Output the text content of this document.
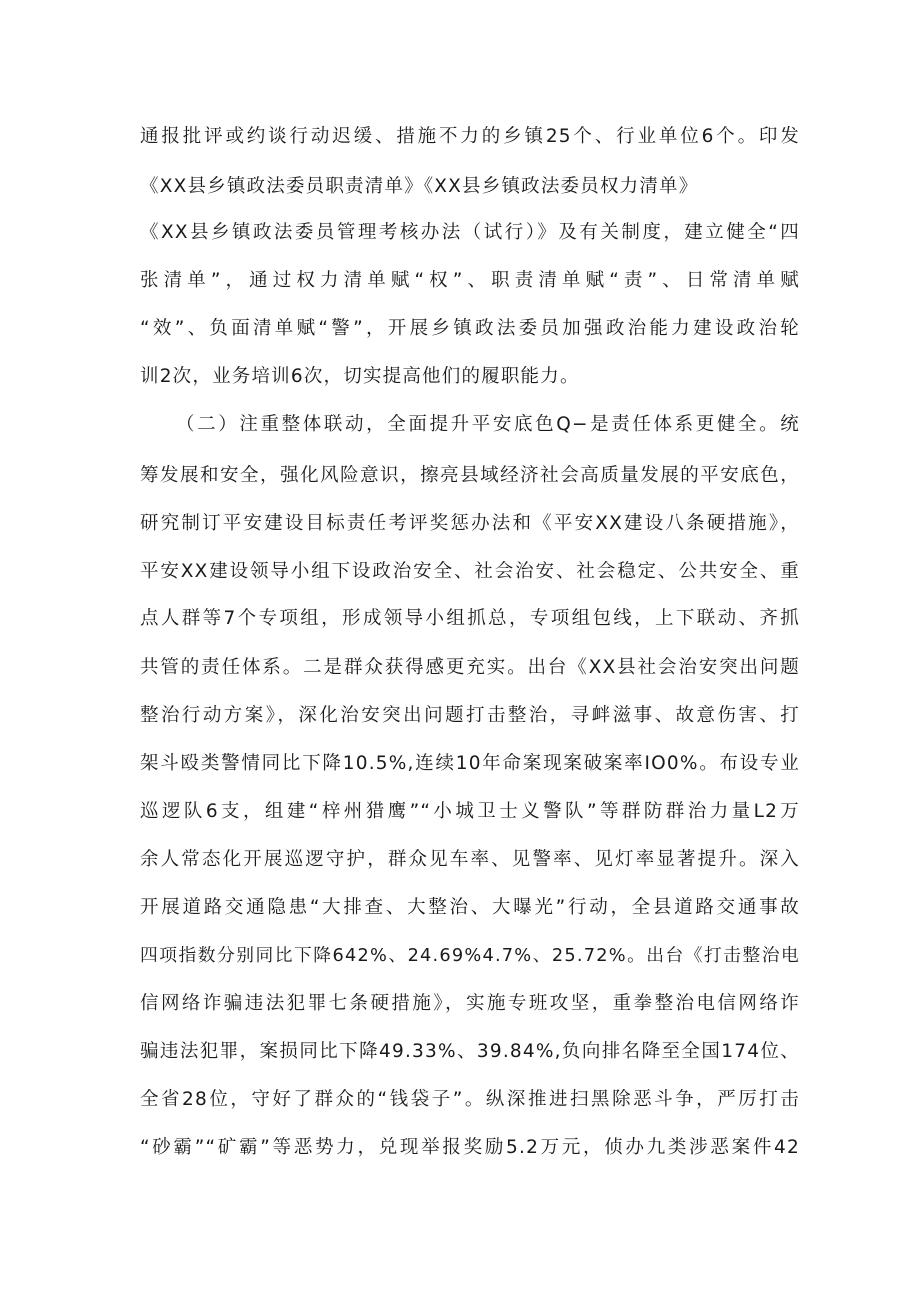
通报批评或约谈行动迟缓、措施不力的乡镇25个、行业单位6个。印发
《XX县乡镇政法委员职责清单》《XX县乡镇政法委员权力清单》
《XX县乡镇政法委员管理考核办法（试行）》及有关制度，建立健全“四
张清单”，通过权力清单赋“权”、职责清单赋“责”、日常清单赋
“效”、负面清单赋“警”，开展乡镇政法委员加强政治能力建设政治轮
训2次，业务培训6次，切实提高他们的履职能力。
（二）注重整体联动，全面提升平安底色Q−是责任体系更健全。统
筹发展和安全，强化风险意识，擦亮县域经济社会高质量发展的平安底色，
研究制订平安建设目标责任考评奖惩办法和《平安XX建设八条硬措施》，
平安XX建设领导小组下设政治安全、社会治安、社会稳定、公共安全、重
点人群等7个专项组，形成领导小组抓总，专项组包线，上下联动、齐抓
共管的责任体系。二是群众获得感更充实。出台《XX县社会治安突出问题
整治行动方案》，深化治安突出问题打击整治，寻衅滋事、故意伤害、打
架斗殴类警情同比下降10.5%,连续10年命案现案破案率IO0%。布设专业
巡逻队6支，组建“梓州猎鹰”“小城卫士义警队”等群防群治力量L2万
余人常态化开展巡逻守护，群众见车率、见警率、见灯率显著提升。深入
开展道路交通隐患“大排查、大整治、大曝光”行动，全县道路交通事故
四项指数分别同比下降642%、24.69%4.7%、25.72%。出台《打击整治电
信网络诈骗违法犯罪七条硬措施》，实施专班攻坚，重拳整治电信网络诈
骗违法犯罪，案损同比下降49.33%、39.84%,负向排名降至全国174位、
全省28位，守好了群众的“钱袋子”。纵深推进扫黑除恶斗争，严厉打击
“砂霸”“矿霸”等恶势力，兑现举报奖励5.2万元，侦办九类涉恶案件42
